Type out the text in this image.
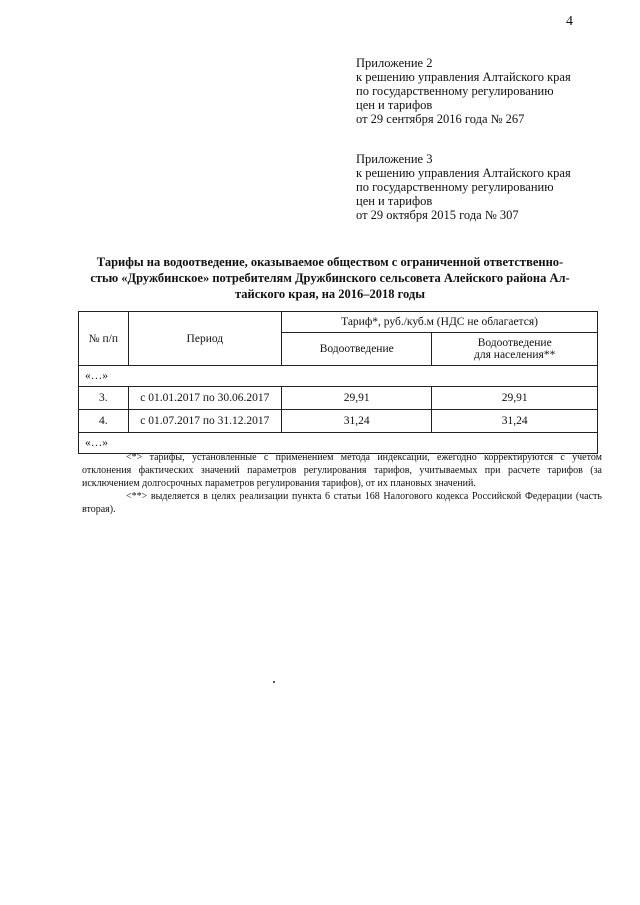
4
Приложение 2
к решению управления Алтайского края
по государственному регулированию
цен и тарифов
от 29 сентября 2016 года № 267
Приложение 3
к решению управления Алтайского края
по государственному регулированию
цен и тарифов
от 29 октября 2015 года № 307
Тарифы на водоотведение, оказываемое обществом с ограниченной ответственно-
стью «Дружбинское» потребителям Дружбинского сельсовета Алейского района Ал-
тайского края, на 2016–2018 годы
№ п/п	Период	Тариф*, руб./куб.м (НДС не облагается)	
		Водоотведение	Водоотведение
для населения**

«…»			
3.	с 01.01.2017 по 30.06.2017	29,91	29,91
4.	с 01.07.2017 по 31.12.2017	31,24	31,24
«…»			

<*> тарифы, установленные с применением метода индексации, ежегодно корректируются с учетом отклонения фактических значений параметров регулирования тарифов, учитываемых при расчете тарифов (за исключением долгосрочных параметров регулирования тарифов), от их плановых значений.

<**> выделяется в целях реализации пункта 6 статьи 168 Налогового кодекса Российской Федерации (часть вторая).
